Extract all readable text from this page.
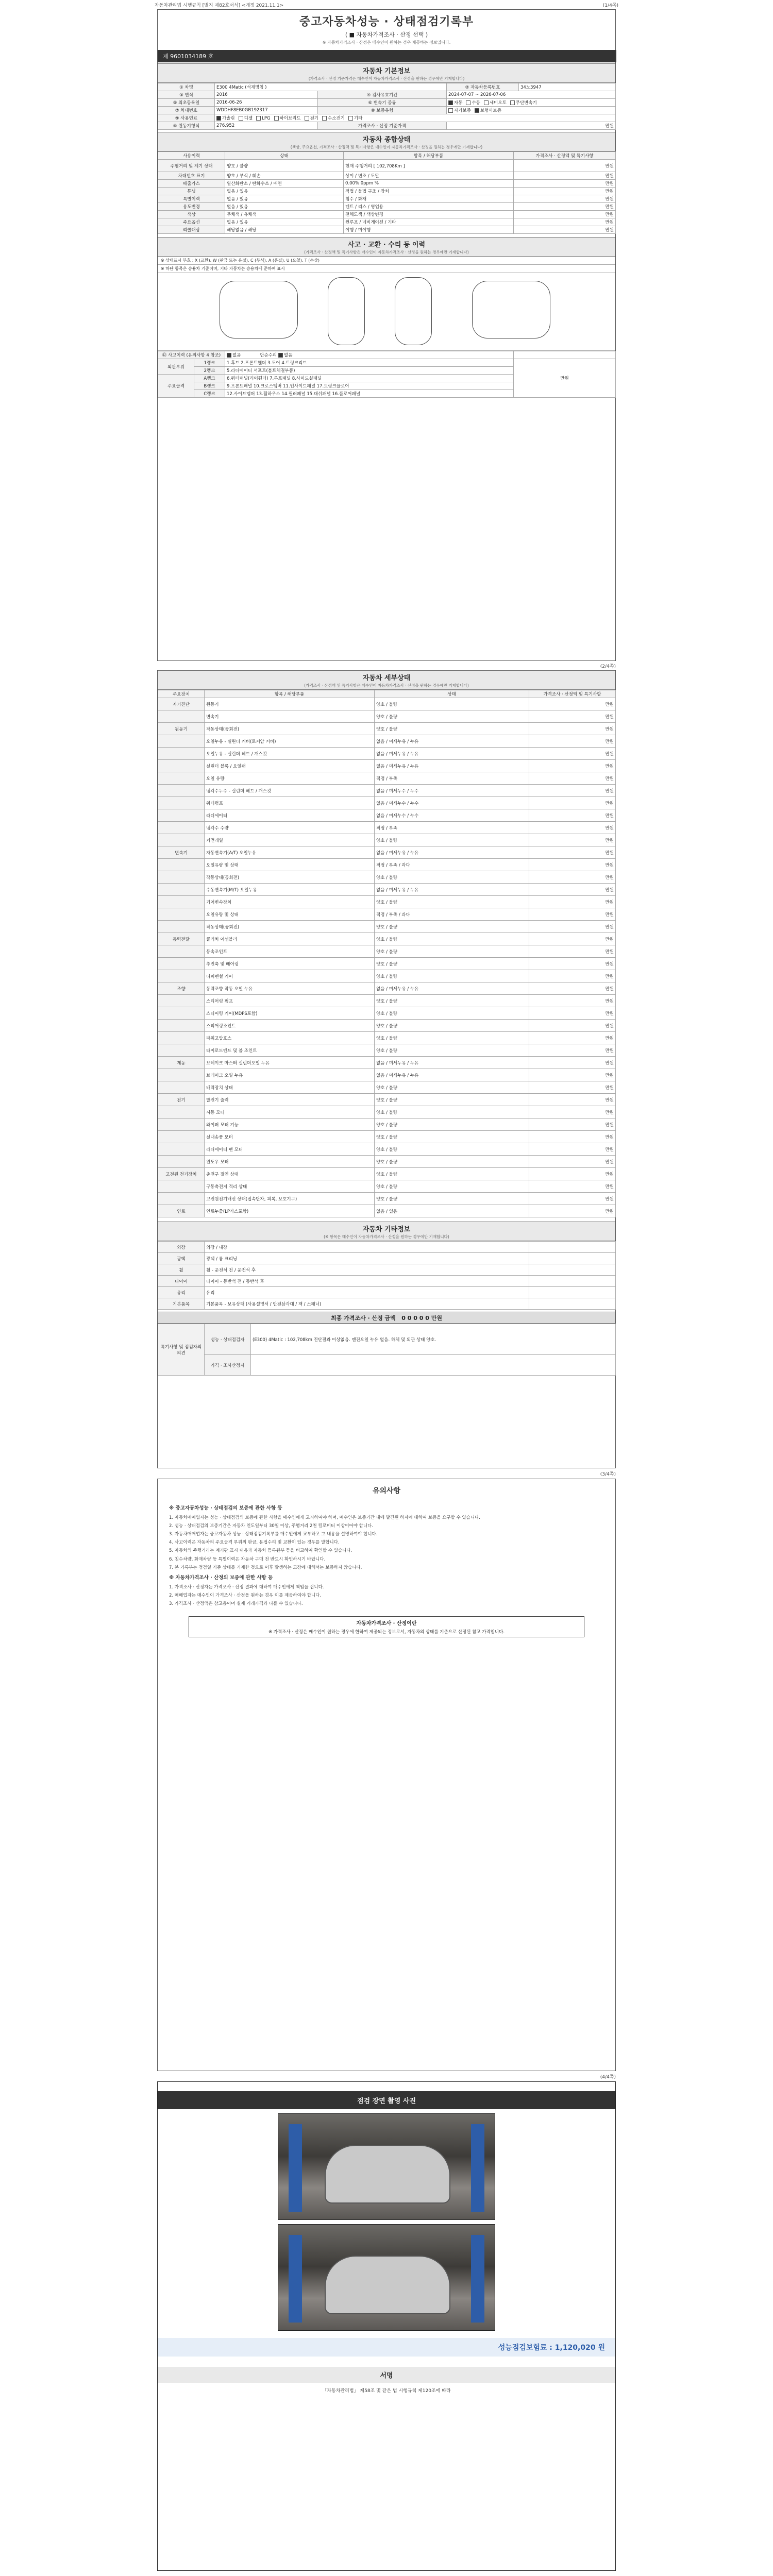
자동차관리법 시행규칙 [별지 제82호서식] <개정 2021.11.1>	(1/4쪽)
중고자동차성능 · 상태점검기록부
( ■ 자동차가격조사 · 산정 선택 )
※ 자동차가격조사 · 산정은 매수인이 원하는 경우 제공하는 정보입니다.
제 9601034189 호
자동차 기본정보
(가격조사 · 산정 기준가격은 매수인이 자동차가격조사 · 산정을 원하는 경우에만 기재합니다)
① 차명	E300 4Matic (석재명칭 )		② 자동차등록번호	34노3947
③ 연식	2016	④ 검사유효기간	2024-07-07 ~ 2026-07-06	
⑤ 최초등록일	2016-06-26	⑥ 변속기 종류	자동 수동 세미오토 무단변속기	
⑦ 차대번호	WDDHF8EB0GB192317	⑧ 보증유형	자가보증 보험사보증	
⑨ 사용연료	가솔린 디젤 LPG 하이브리드 전기 수소전기 기타			
⑩ 원동기형식	276.952	가격조사 · 산정 기준가격	만원	
자동차 종합상태
(색상, 주요옵션, 가격조사 · 산정액 및 특기사항은 매수인이 자동차가격조사 · 산정을 원하는 경우에만 기재합니다)
사용이력	상태	항목 / 해당부품	가격조사 · 산정액 및 특기사항
주행거리 및 계기 상태	양호 / 불량	현재 주행거리 [ 102,708Km ]	만원
차대번호 표기	양호 / 부식 / 훼손	상이 / 변조 / 도말	만원
배출가스	일산화탄소 / 탄화수소 / 매연	0.00% 0ppm %	만원
튜닝	없음 / 있음	적법 / 불법 구조 / 장치	만원
특별이력	없음 / 있음	침수 / 화재	만원
용도변경	없음 / 있음	렌트 / 리스 / 영업용	만원
색상	무채색 / 유채색	전체도색 / 색상변경	만원
주요옵션	없음 / 있음	썬루프 / 네비게이션 / 기타	만원
리콜대상	해당없음 / 해당	이행 / 미이행	만원
사고 · 교환 · 수리 등 이력
(가격조사 · 산정액 및 특기사항은 매수인이 자동차가격조사 · 산정을 원하는 경우에만 기재합니다)
※ 상태표시 부호 : X (교환), W (판금 또는 용접), C (부식), A (흠집), U (요철), T (손상)
※ 하단 항목은 승용차 기준이며, 기타 자동차는 승용차에 준하여 표시
⑫ 사고이력 (유의사항 4 참조)		없음 단순수리 없음	
외판부위	1랭크	1.후드 2.프론트휀더 3.도어 4.트렁크리드	만원
	2랭크	5.라디에이터 서포트(볼트체결부품)	
주요골격	A랭크	6.쿼터패널(리어휀더) 7.루프패널 8.사이드실패널	
	B랭크	9.프론트패널 10.크로스멤버 11.인사이드패널 17.트렁크플로어	
	C랭크	12.사이드멤버 13.휠하우스 14.필러패널 15.대쉬패널 16.플로어패널	
(2/4쪽)
자동차 세부상태
(가격조사 · 산정액 및 특기사항은 매수인이 자동차가격조사 · 산정을 원하는 경우에만 기재합니다)
주요장치	항목 / 해당부품	상태	가격조사 · 산정액 및 특기사항
자기진단	원동기	양호 / 불량	만원
	변속기	양호 / 불량	만원
원동기	작동상태(공회전)	양호 / 불량	만원
	오일누유 - 실린더 커버(로커암 커버)	없음 / 미세누유 / 누유	만원
	오일누유 - 실린더 헤드 / 개스킷	없음 / 미세누유 / 누유	만원
	실린더 블록 / 오일팬	없음 / 미세누유 / 누유	만원
	오일 유량	적정 / 부족	만원
	냉각수누수 - 실린더 헤드 / 개스킷	없음 / 미세누수 / 누수	만원
	워터펌프	없음 / 미세누수 / 누수	만원
	라디에이터	없음 / 미세누수 / 누수	만원
	냉각수 수량	적정 / 부족	만원
	커먼레일	양호 / 불량	만원
변속기	자동변속기(A/T) 오일누유	없음 / 미세누유 / 누유	만원
	오일유량 및 상태	적정 / 부족 / 과다	만원
	작동상태(공회전)	양호 / 불량	만원
	수동변속기(M/T) 오일누유	없음 / 미세누유 / 누유	만원
	기어변속장치	양호 / 불량	만원
	오일유량 및 상태	적정 / 부족 / 과다	만원
	작동상태(공회전)	양호 / 불량	만원
동력전달	클러치 어셈블리	양호 / 불량	만원
	등속조인트	양호 / 불량	만원
	추진축 및 베어링	양호 / 불량	만원
	디퍼렌셜 기어	양호 / 불량	만원
조향	동력조향 작동 오일 누유	없음 / 미세누유 / 누유	만원
	스티어링 펌프	양호 / 불량	만원
	스티어링 기어(MDPS포함)	양호 / 불량	만원
	스티어링조인트	양호 / 불량	만원
	파워고압호스	양호 / 불량	만원
	타이로드엔드 및 볼 조인트	양호 / 불량	만원
제동	브레이크 마스터 실린더오일 누유	없음 / 미세누유 / 누유	만원
	브레이크 오일 누유	없음 / 미세누유 / 누유	만원
	배력장치 상태	양호 / 불량	만원
전기	발전기 출력	양호 / 불량	만원
	시동 모터	양호 / 불량	만원
	와이퍼 모터 기능	양호 / 불량	만원
	실내송풍 모터	양호 / 불량	만원
	라디에이터 팬 모터	양호 / 불량	만원
	윈도우 모터	양호 / 불량	만원
고전원 전기장치	충전구 절연 상태	양호 / 불량	만원
	구동축전지 격리 상태	양호 / 불량	만원
	고전원전기배선 상태(접속단자, 피복, 보호기구)	양호 / 불량	만원
연료	연료누출(LP가스포함)	없음 / 있음	만원
자동차 기타정보
(※ 항목은 매수인이 자동차가격조사 · 산정을 원하는 경우에만 기재합니다)
외장	외장 / 내장	
광택	광택 / 룸 크리닝	
휠	휠 - 운전석 전 / 운전석 후	
타이어	타이어 - 동반석 전 / 동반석 후	
유리	유리	
기본품목	기본품목 - 보유상태 (사용설명서 / 안전삼각대 / 잭 / 스패너)	
최종 가격조사 · 산정 금액 0 0 0 0 0 만원
특기사항 및 점검자의 의견	성능 · 상태점검자	(E300) 4Matic : 102,708km 진단결과 이상없음. 엔진오일 누유 없음. 하체 및 외관 상태 양호.
	가격 · 조사산정자	
(3/4쪽)
유의사항
※ 중고자동차성능 · 상태점검의 보증에 관한 사항 등

1. 자동차매매업자는 성능 · 상태점검의 보증에 관한 사항을 매수인에게 고지하여야 하며, 매수인은 보증기간 내에 발견된 하자에 대하여 보증을 요구할 수 있습니다.

2. 성능 · 상태점검의 보증기간은 자동차 인도일부터 30일 이상, 주행거리 2천 킬로미터 이상이어야 합니다.

3. 자동차매매업자는 중고자동차 성능 · 상태점검기록부를 매수인에게 교부하고 그 내용을 설명하여야 합니다.

4. 사고이력은 자동차의 주요골격 부위의 판금, 용접수리 및 교환이 있는 경우를 말합니다.

5. 자동차의 주행거리는 계기판 표시 내용과 자동차 등록원부 등을 비교하여 확인할 수 있습니다.

6. 침수차량, 화재차량 등 특별이력은 자동차 구매 전 반드시 확인하시기 바랍니다.

7. 본 기록부는 점검일 기준 상태를 기재한 것으로 이후 발생하는 고장에 대해서는 보증하지 않습니다.

※ 자동차가격조사 · 산정의 보증에 관한 사항 등

1. 가격조사 · 산정자는 가격조사 · 산정 결과에 대하여 매수인에게 책임을 집니다.

2. 매매업자는 매수인이 가격조사 · 산정을 원하는 경우 이를 제공하여야 합니다.

3. 가격조사 · 산정액은 참고용이며 실제 거래가격과 다를 수 있습니다.

자동차가격조사 · 산정이란
※ 가격조사 · 산정은 매수인이 원하는 경우에 한하여 제공되는 정보로서, 자동차의 상태를 기준으로 산정된 참고 가격입니다.
(4/4쪽)
점검 장면 촬영 사진
성능점검보험료 : 1,120,020 원
서명
「자동차관리법」 제58조 및 같은 법 시행규칙 제120조에 따라
